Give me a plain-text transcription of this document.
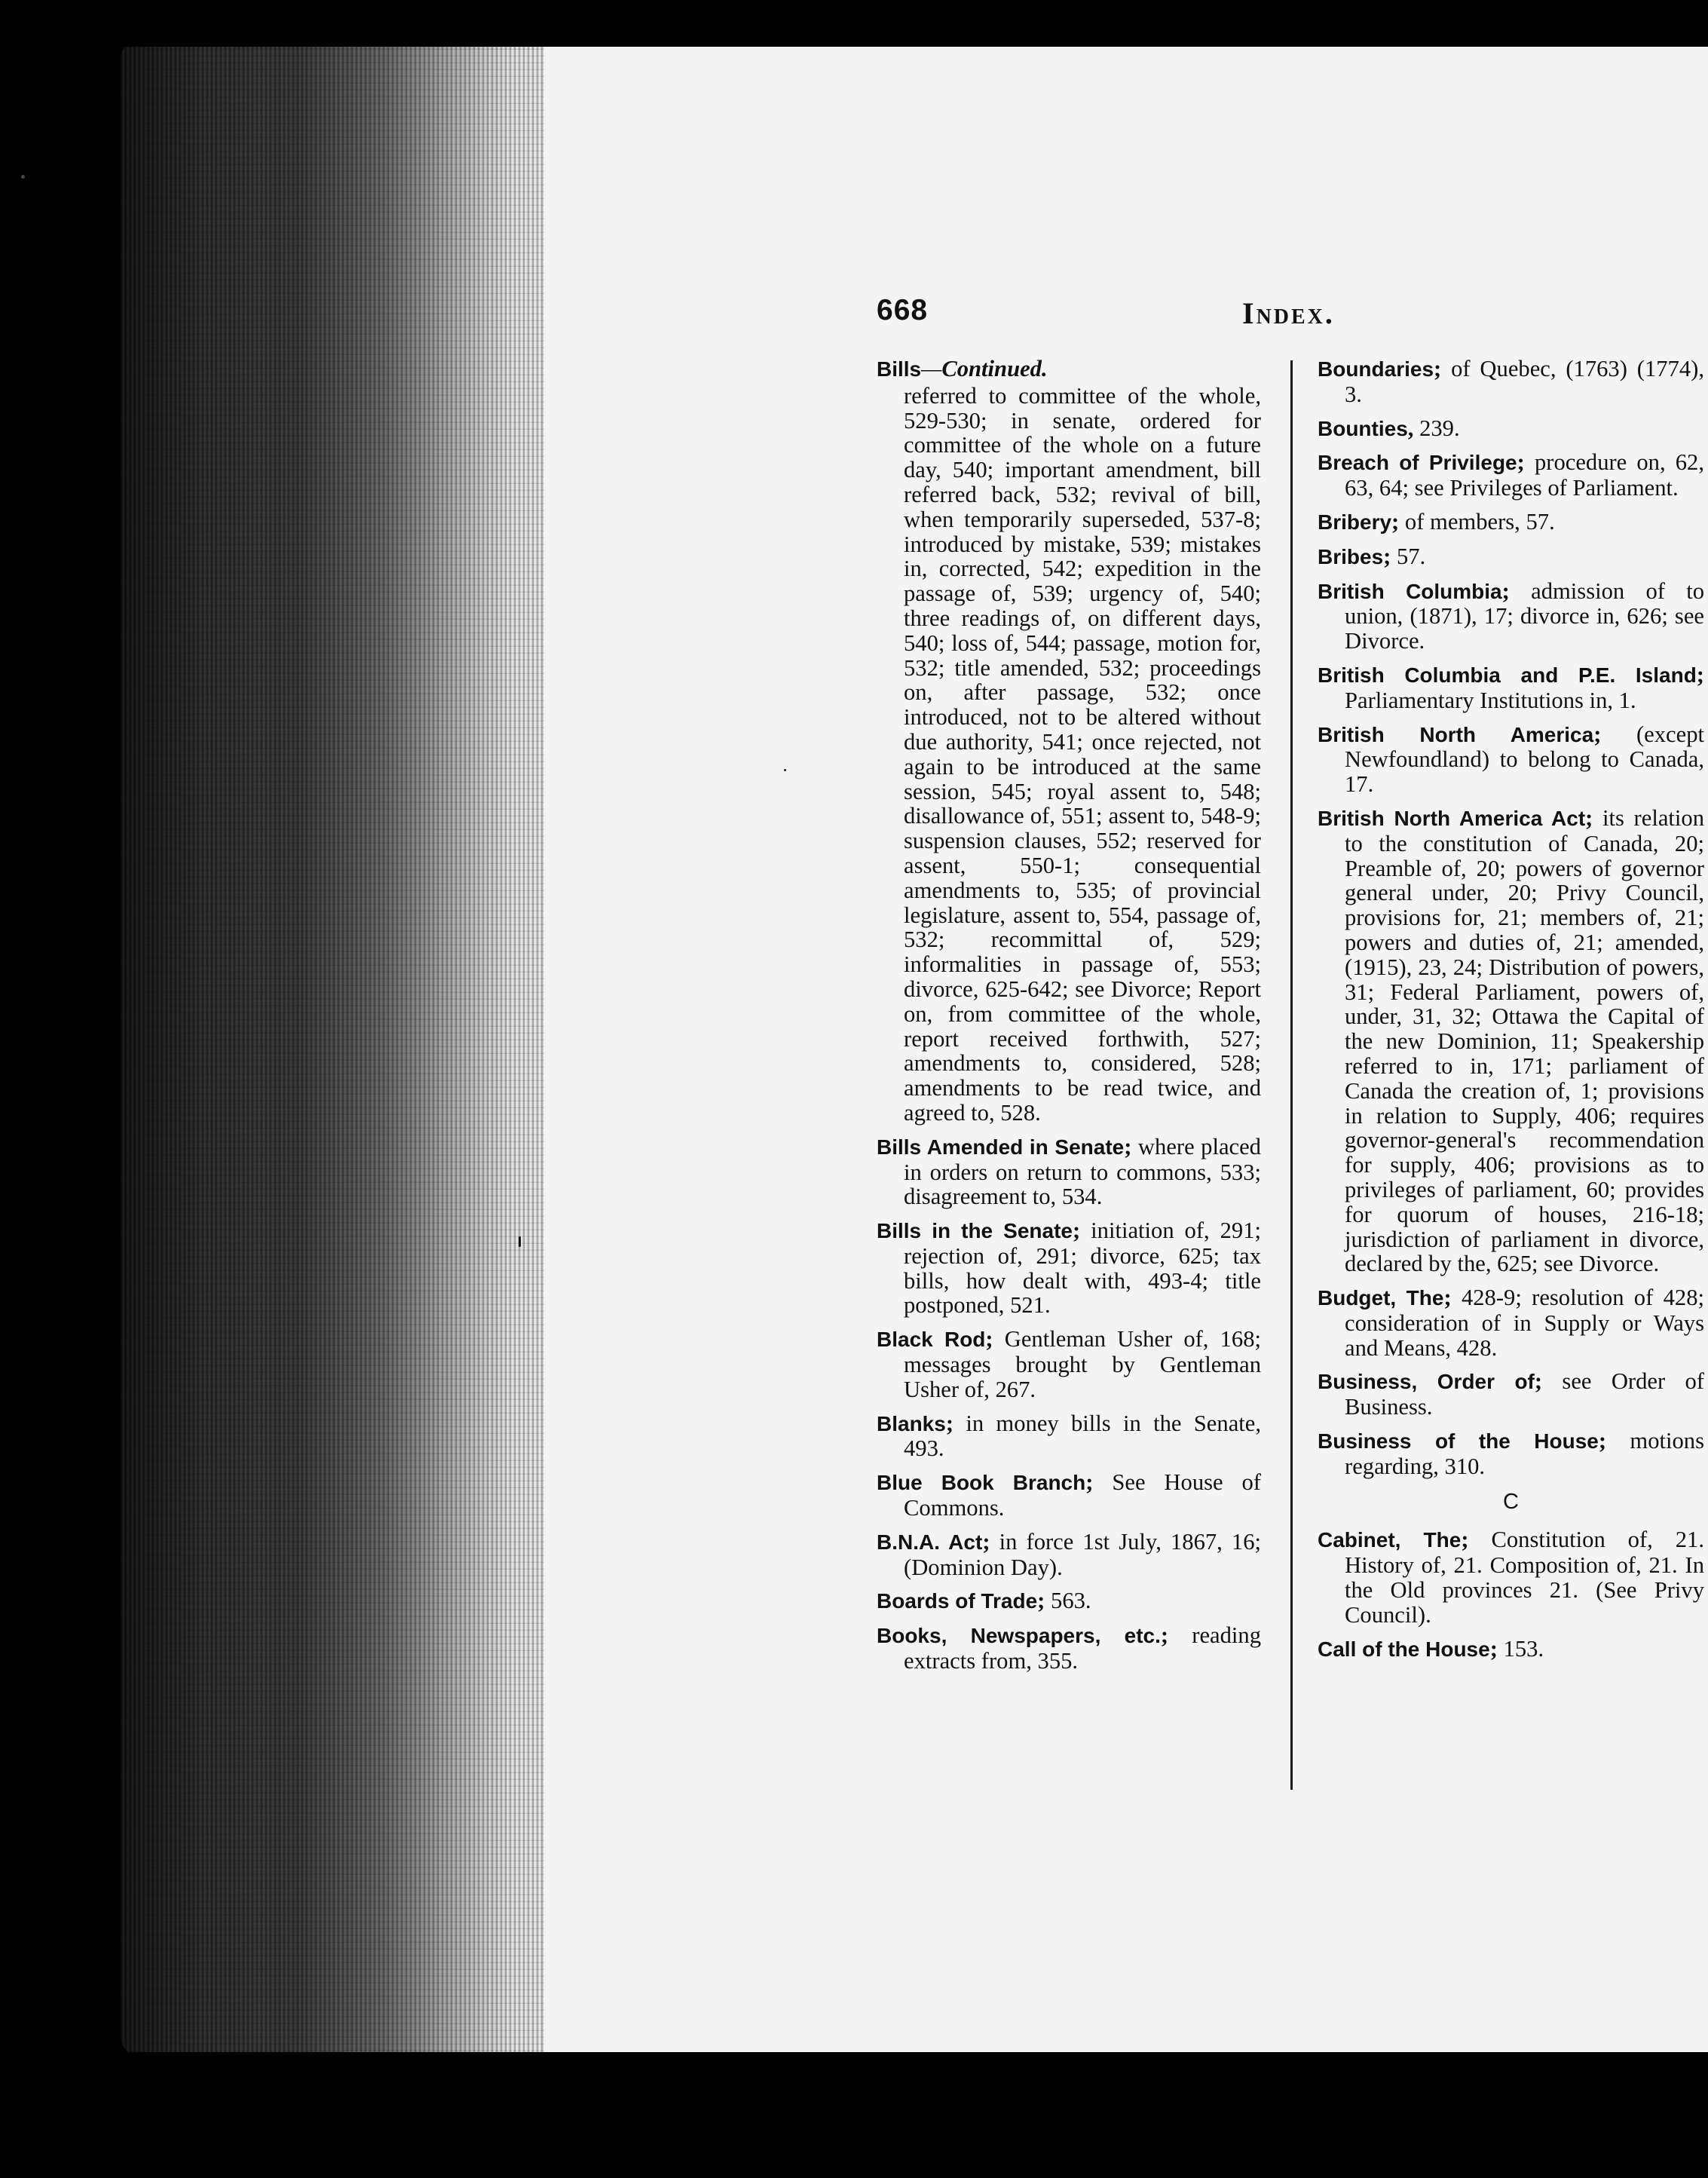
668	Index.
Bills—Continued.
referred to committee of the whole, 529-530; in senate, ordered for committee of the whole on a future day, 540; important amendment, bill referred back, 532; revival of bill, when temporarily superseded, 537-8; introduced by mistake, 539; mistakes in, corrected, 542; expedition in the passage of, 539; urgency of, 540; three readings of, on different days, 540; loss of, 544; passage, motion for, 532; title amended, 532; proceedings on, after passage, 532; once introduced, not to be altered without due authority, 541; once rejected, not again to be introduced at the same session, 545; royal assent to, 548; disallowance of, 551; assent to, 548-9; suspension clauses, 552; reserved for assent, 550-1; consequential amendments to, 535; of provincial legislature, assent to, 554, passage of, 532; recommittal of, 529; informalities in passage of, 553; divorce, 625-642; see Divorce; Report on, from committee of the whole, report received forthwith, 527; amendments to, considered, 528; amendments to be read twice, and agreed to, 528.
Bills Amended in Senate; where placed in orders on return to commons, 533; disagreement to, 534.
Bills in the Senate; initiation of, 291; rejection of, 291; divorce, 625; tax bills, how dealt with, 493-4; title postponed, 521.
Black Rod; Gentleman Usher of, 168; messages brought by Gentleman Usher of, 267.
Blanks; in money bills in the Senate, 493.
Blue Book Branch; See House of Commons.
B.N.A. Act; in force 1st July, 1867, 16; (Dominion Day).
Boards of Trade; 563.
Books, Newspapers, etc.; reading extracts from, 355.
Boundaries; of Quebec, (1763) (1774), 3.
Bounties, 239.
Breach of Privilege; procedure on, 62, 63, 64; see Privileges of Parliament.
Bribery; of members, 57.
Bribes; 57.
British Columbia; admission of to union, (1871), 17; divorce in, 626; see Divorce.
British Columbia and P.E. Island; Parliamentary Institutions in, 1.
British North America; (except Newfoundland) to belong to Canada, 17.
British North America Act; its relation to the constitution of Canada, 20; Preamble of, 20; powers of governor general under, 20; Privy Council, provisions for, 21; members of, 21; powers and duties of, 21; amended, (1915), 23, 24; Distribution of powers, 31; Federal Parliament, powers of, under, 31, 32; Ottawa the Capital of the new Dominion, 11; Speakership referred to in, 171; parliament of Canada the creation of, 1; provisions in relation to Supply, 406; requires governor-general's recommendation for supply, 406; provisions as to privileges of parliament, 60; provides for quorum of houses, 216-18; jurisdiction of parliament in divorce, declared by the, 625; see Divorce.
Budget, The; 428-9; resolution of 428; consideration of in Supply or Ways and Means, 428.
Business, Order of; see Order of Business.
Business of the House; motions regarding, 310.
C
Cabinet, The; Constitution of, 21. History of, 21. Composition of, 21. In the Old provinces 21. (See Privy Council).
Call of the House; 153.
